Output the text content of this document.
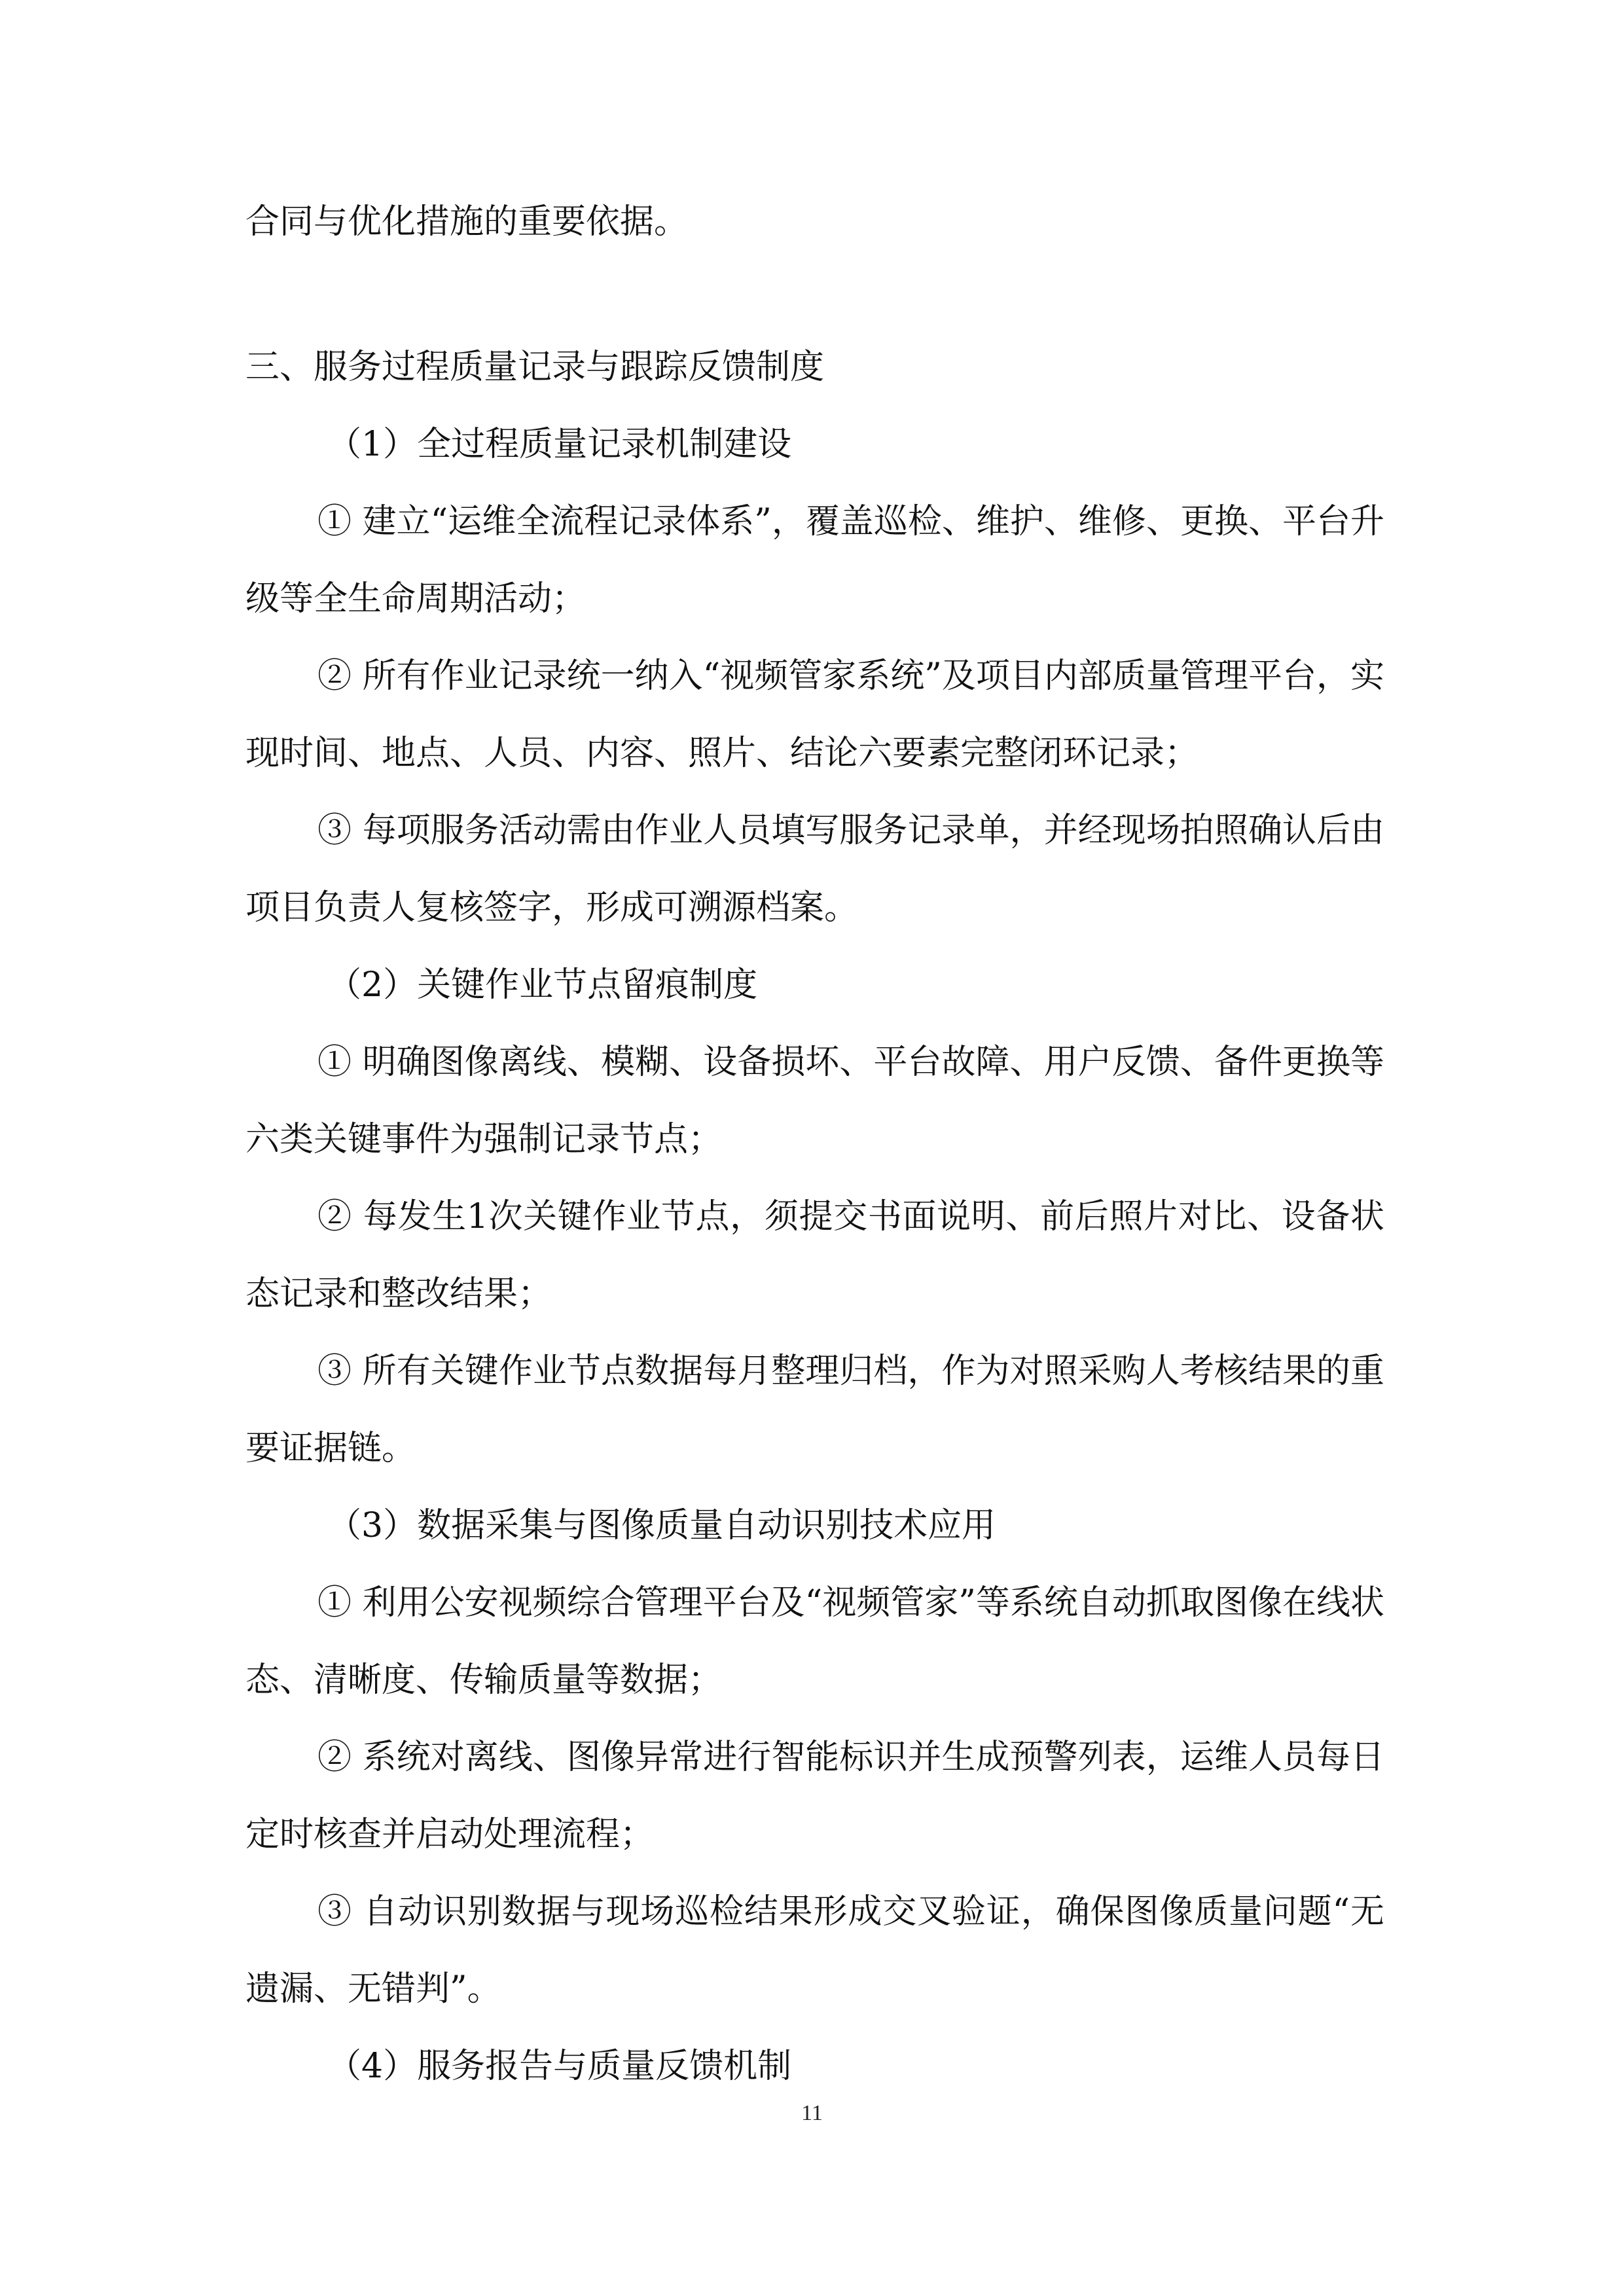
合同与优化措施的重要依据。

三、服务过程质量记录与跟踪反馈制度

（1）全过程质量记录机制建设

① 建立“运维全流程记录体系”，覆盖巡检、维护、维修、更换、平台升级等全生命周期活动；

② 所有作业记录统一纳入“视频管家系统”及项目内部质量管理平台，实现时间、地点、人员、内容、照片、结论六要素完整闭环记录；

③ 每项服务活动需由作业人员填写服务记录单，并经现场拍照确认后由项目负责人复核签字，形成可溯源档案。

（2）关键作业节点留痕制度

① 明确图像离线、模糊、设备损坏、平台故障、用户反馈、备件更换等六类关键事件为强制记录节点；

② 每发生1次关键作业节点，须提交书面说明、前后照片对比、设备状态记录和整改结果；

③ 所有关键作业节点数据每月整理归档，作为对照采购人考核结果的重要证据链。

（3）数据采集与图像质量自动识别技术应用

① 利用公安视频综合管理平台及“视频管家”等系统自动抓取图像在线状态、清晰度、传输质量等数据；

② 系统对离线、图像异常进行智能标识并生成预警列表，运维人员每日定时核查并启动处理流程；

③ 自动识别数据与现场巡检结果形成交叉验证，确保图像质量问题“无遗漏、无错判”。

（4）服务报告与质量反馈机制

11
